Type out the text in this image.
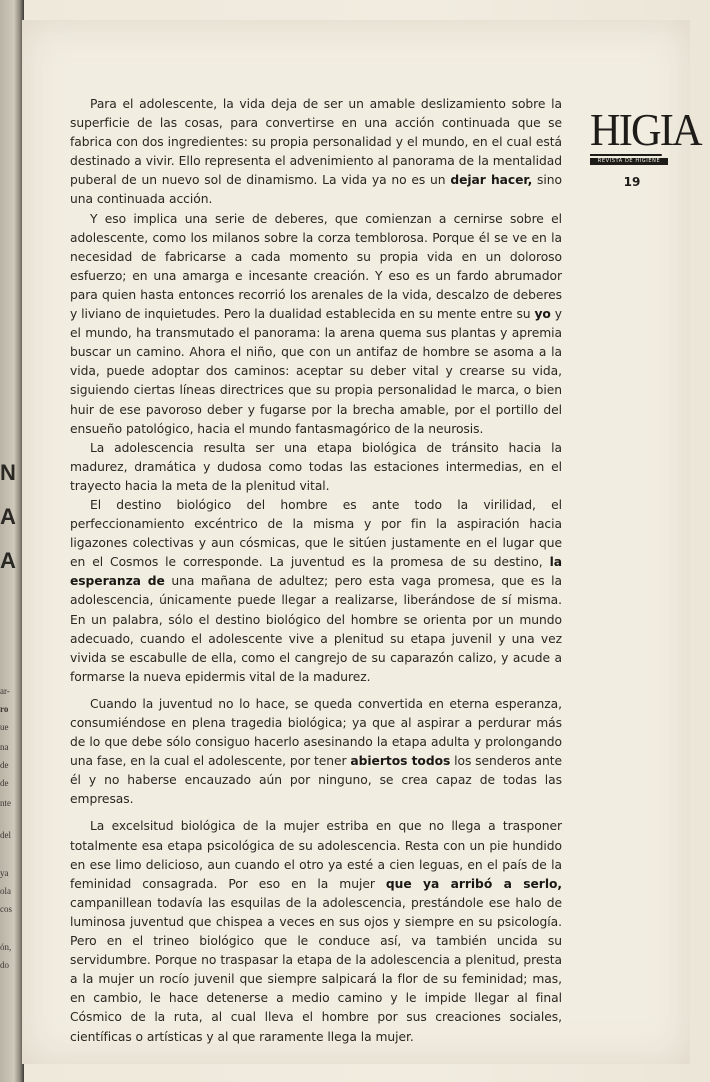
N
A
A
ar-
ro
ue
na
de
de
nte
del
ya
ola
cos
ón,
do
HIGIA
REVISTA DE HIGIENE
19

Para el adolescente, la vida deja de ser un amable deslizamiento sobre la superficie de las cosas, para convertirse en una acción continuada que se fabrica con dos ingredientes: su propia personalidad y el mundo, en el cual está destinado a vivir. Ello representa el advenimiento al panorama de la mentalidad puberal de un nuevo sol de dinamismo. La vida ya no es un dejar hacer, sino una continuada acción.

Y eso implica una serie de deberes, que comienzan a cernirse sobre el adolescente, como los milanos sobre la corza temblorosa. Porque él se ve en la necesidad de fabricarse a cada momento su propia vida en un doloroso esfuerzo; en una amarga e incesante creación. Y eso es un fardo abrumador para quien hasta entonces recorrió los arenales de la vida, descalzo de deberes y liviano de inquietudes. Pero la dualidad establecida en su mente entre su yo y el mundo, ha transmutado el panorama: la arena quema sus plantas y apremia buscar un camino. Ahora el niño, que con un antifaz de hombre se asoma a la vida, puede adoptar dos caminos: aceptar su deber vital y crearse su vida, siguiendo ciertas líneas directrices que su propia personalidad le marca, o bien huir de ese pavoroso deber y fugarse por la brecha amable, por el portillo del ensueño patológico, hacia el mundo fantasmagórico de la neurosis.

La adolescencia resulta ser una etapa biológica de tránsito hacia la madurez, dramática y dudosa como todas las estaciones intermedias, en el trayecto hacia la meta de la plenitud vital.

El destino biológico del hombre es ante todo la virilidad, el perfeccionamiento excéntrico de la misma y por fin la aspiración hacia ligazones colectivas y aun cósmicas, que le sitúen justamente en el lugar que en el Cosmos le corresponde. La juventud es la promesa de su destino, la esperanza de una mañana de adultez; pero esta vaga promesa, que es la adolescencia, únicamente puede llegar a realizarse, liberándose de sí misma. En un palabra, sólo el destino biológico del hombre se orienta por un mundo adecuado, cuando el adolescente vive a plenitud su etapa juvenil y una vez vivida se escabulle de ella, como el cangrejo de su caparazón calizo, y acude a formarse la nueva epidermis vital de la madurez.

Cuando la juventud no lo hace, se queda convertida en eterna esperanza, consumiéndose en plena tragedia biológica; ya que al aspirar a perdurar más de lo que debe sólo consiguo hacerlo asesinando la etapa adulta y prolongando una fase, en la cual el adolescente, por tener abiertos todos los senderos ante él y no haberse encauzado aún por ninguno, se crea capaz de todas las empresas.

La excelsitud biológica de la mujer estriba en que no llega a trasponer totalmente esa etapa psicológica de su adolescencia. Resta con un pie hundido en ese limo delicioso, aun cuando el otro ya esté a cien leguas, en el país de la feminidad consagrada. Por eso en la mujer que ya arribó a serlo, campanillean todavía las esquilas de la adolescencia, prestándole ese halo de luminosa juventud que chispea a veces en sus ojos y siempre en su psicología. Pero en el trineo biológico que le conduce así, va también uncida su servidumbre. Porque no traspasar la etapa de la adolescencia a plenitud, presta a la mujer un rocío juvenil que siempre salpicará la flor de su feminidad; mas, en cambio, le hace detenerse a medio camino y le impide llegar al final Cósmico de la ruta, al cual lleva el hombre por sus creaciones sociales, científicas o artísticas y al que raramente llega la mujer.
